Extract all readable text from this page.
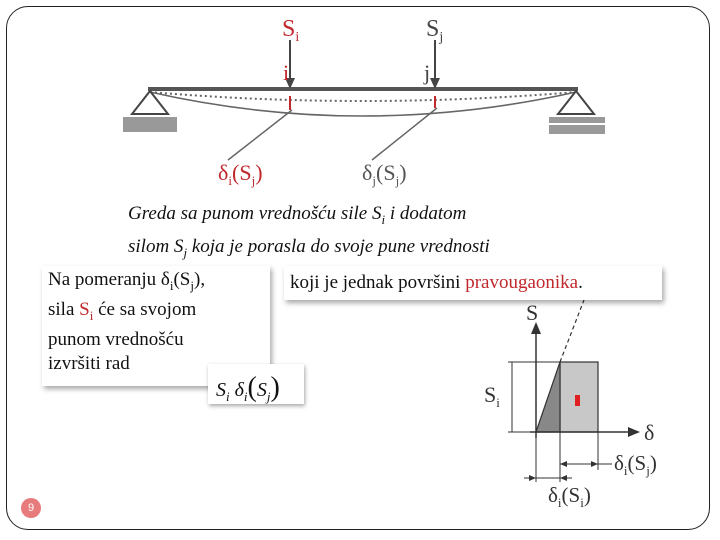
$S_i$	$S_j$
i	j
$\delta_i(S_j)$	$\delta_j(S_j)$
S
δ
$S_i$
$\delta_i(S_j)$
$\delta_i(S_i)$
Greda sa punom vrednošću sile $S_i$ i dodatom
silom $S_j$ koja je porasla do svoje pune vrednosti
Na pomeranju $\delta_i(S_j)$,
sila $S_i$ će sa svojom
punom vrednošću
izvršiti rad
$S_i$ $\delta_i(S_j)$
koji je jednak površini pravougaonika.
9
